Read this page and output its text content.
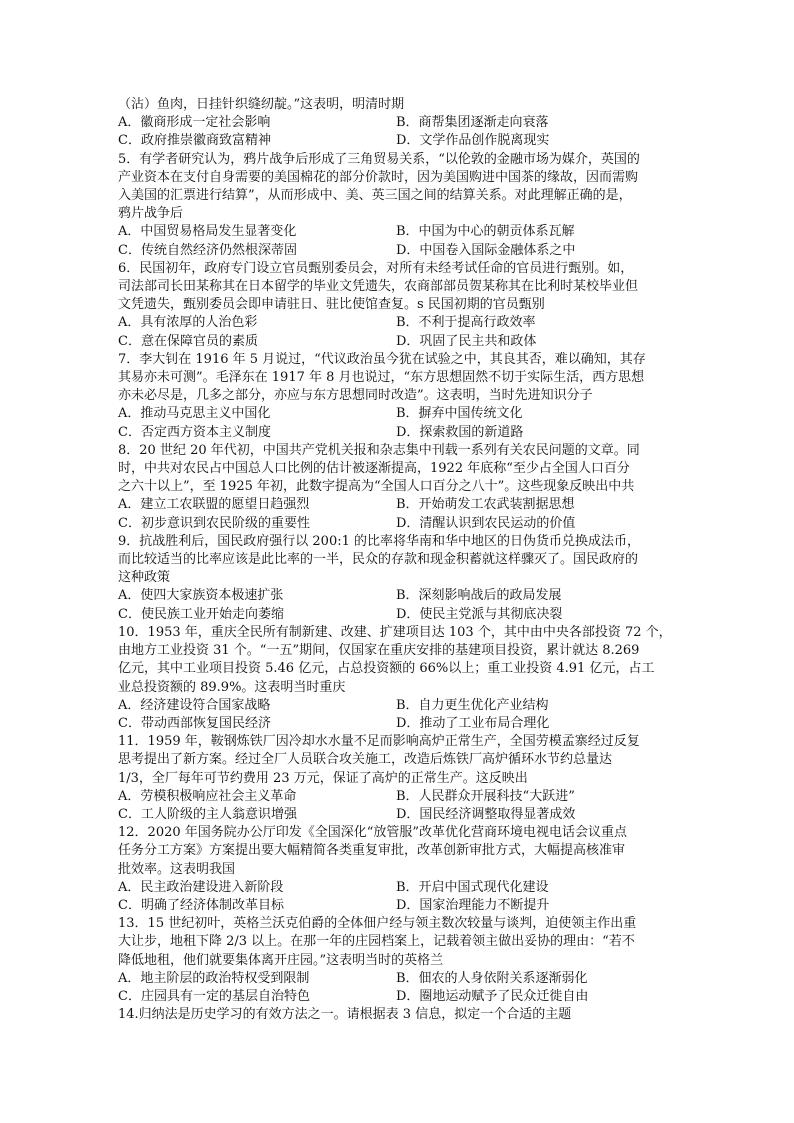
（沾）鱼肉，日挂针织缝纫靛。”这表明，明清时期

A．徽商形成一定社会影响	B．商帮集团逐渐走向衰落
C．政府推崇徽商致富精神	D．文学作品创作脱离现实

5．有学者研究认为，鸦片战争后形成了三角贸易关系，“以伦敦的金融市场为媒介，英国的

产业资本在支付自身需要的美国棉花的部分价款时，因为美国购进中国茶的缘故，因而需购

入美国的汇票进行结算”，从而形成中、美、英三国之间的结算关系。对此理解正确的是，

鸦片战争后

A．中国贸易格局发生显著变化	B．中国为中心的朝贡体系瓦解
C．传统自然经济仍然根深蒂固	D．中国卷入国际金融体系之中

6．民国初年，政府专门设立官员甄别委员会，对所有未经考试任命的官员进行甄别。如，

司法部司长田某称其在日本留学的毕业文凭遗失，农商部部员贺某称其在比利时某校毕业但

文凭遗失，甄别委员会即申请驻日、驻比使馆查复。s 民国初期的官员甄别

A．具有浓厚的人治色彩	B．不利于提高行政效率
C．意在保障官员的素质	D．巩固了民主共和政体

7．李大钊在 1916 年 5 月说过，“代议政治虽今犹在试验之中，其良其否，难以确知，其存

其易亦未可测”。毛泽东在 1917 年 8 月也说过，“东方思想固然不切于实际生活，西方思想

亦未必尽是，几多之部分，亦应与东方思想同时改造”。这表明，当时先进知识分子

A．推动马克思主义中国化	B．摒弃中国传统文化
C．否定西方资本主义制度	D．探索救国的新道路

8．20 世纪 20 年代初，中国共产党机关报和杂志集中刊载一系列有关农民问题的文章。同

时，中共对农民占中国总人口比例的估计被逐渐提高，1922 年底称“至少占全国人口百分

之六十以上”，至 1925 年初，此数字提高为“全国人口百分之八十”。这些现象反映出中共

A．建立工农联盟的愿望日趋强烈	B．开始萌发工农武装割据思想
C．初步意识到农民阶级的重要性	D．清醒认识到农民运动的价值

9．抗战胜利后，国民政府强行以 200:1 的比率将华南和华中地区的日伪货币兑换成法币，

而比较适当的比率应该是此比率的一半，民众的存款和现金积蓄就这样骤灭了。国民政府的

这种政策

A．使四大家族资本极速扩张	B．深刻影响战后的政局发展
C．使民族工业开始走向萎缩	D．使民主党派与其彻底决裂

10．1953 年，重庆全民所有制新建、改建、扩建项目达 103 个，其中由中央各部投资 72 个，

由地方工业投资 31 个。“一五”期间，仅国家在重庆安排的基建项目投资，累计就达 8.269

亿元，其中工业项目投资 5.46 亿元，占总投资额的 66%以上；重工业投资 4.91 亿元，占工

业总投资额的 89.9%。这表明当时重庆

A．经济建设符合国家战略	B．自力更生优化产业结构
C．带动西部恢复国民经济	D．推动了工业布局合理化

11．1959 年，鞍钢炼铁厂因冷却水水量不足而影响高炉正常生产，全国劳模孟寨经过反复

思考提出了新方案。经过全厂人员联合攻关施工，改造后炼铁厂高炉循环水节约总量达

1/3，全厂每年可节约费用 23 万元，保证了高炉的正常生产。这反映出

A．劳模积极响应社会主义革命	B．人民群众开展科技“大跃进”
C．工人阶级的主人翁意识增强	D．国民经济调整取得显著成效

12．2020 年国务院办公厅印发《全国深化“放管服”改革优化营商环境电视电话会议重点

任务分工方案》方案提出要大幅精简各类重复审批，改革创新审批方式，大幅提高核准审

批效率。这表明我国

A．民主政治建设进入新阶段	B．开启中国式现代化建设
C．明确了经济体制改革目标	D．国家治理能力不断提升

13．15 世纪初叶，英格兰沃克伯爵的全体佃户经与领主数次较量与谈判，迫使领主作出重

大让步，地租下降 2/3 以上。在那一年的庄园档案上，记载着领主做出妥协的理由：“若不

降低地租，他们就要集体离开庄园。”这表明当时的英格兰

A．地主阶层的政治特权受到限制	B．佃农的人身依附关系逐渐弱化
C．庄园具有一定的基层自治特色	D．圈地运动赋予了民众迁徙自由

14.归纳法是历史学习的有效方法之一。请根据表 3 信息，拟定一个合适的主题
